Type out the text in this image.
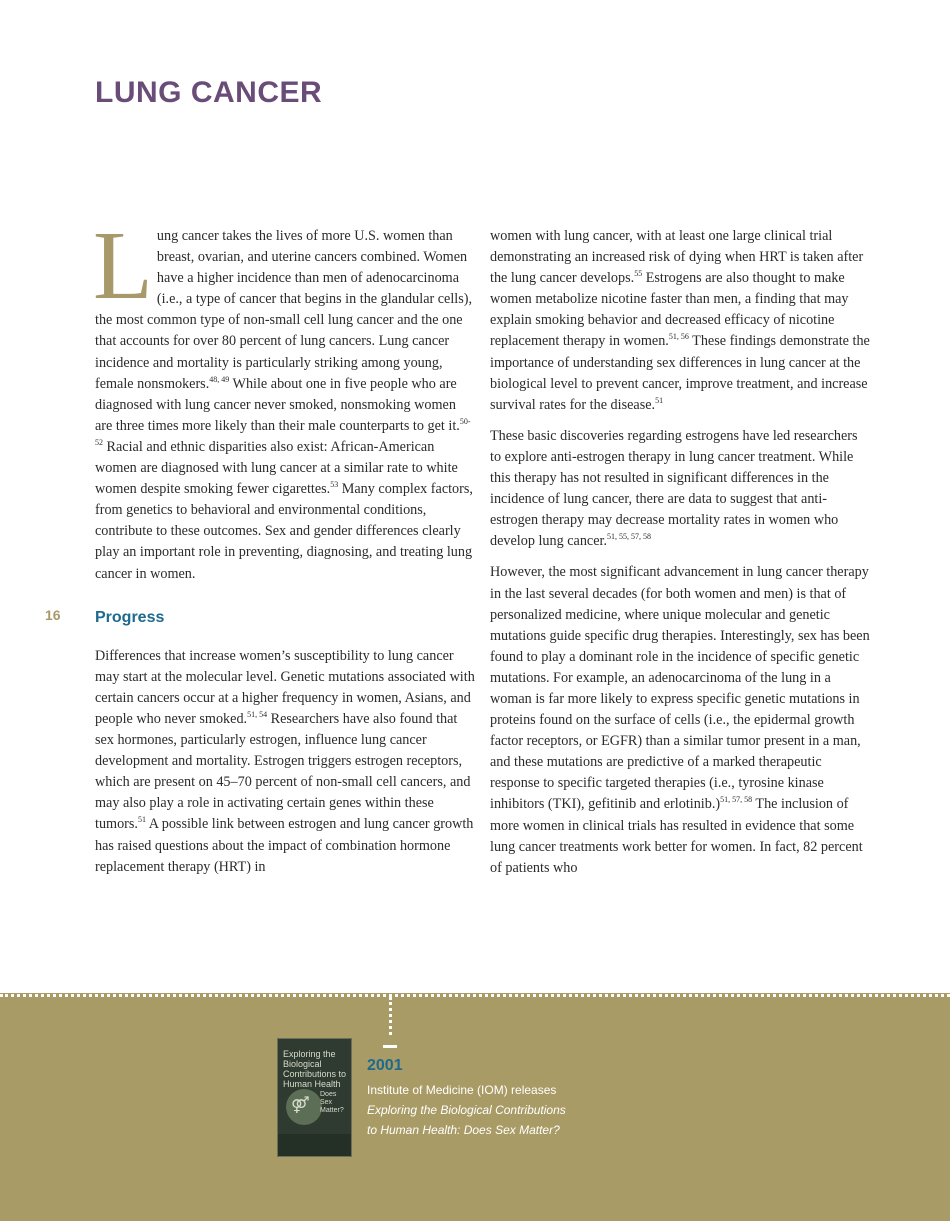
LUNG CANCER
16

Lung cancer takes the lives of more U.S. women than breast, ovarian, and uterine cancers combined. Women have a higher incidence than men of adenocarcinoma (i.e., a type of cancer that begins in the glandular cells), the most common type of non-small cell lung cancer and the one that accounts for over 80 percent of lung cancers. Lung cancer incidence and mortality is particularly striking among young, female nonsmokers.$^{48, 49}$ While about one in five people who are diagnosed with lung cancer never smoked, nonsmoking women are three times more likely than their male counterparts to get it.$^{50-52}$ Racial and ethnic disparities also exist: African-American women are diagnosed with lung cancer at a similar rate to white women despite smoking fewer cigarettes.$^{53}$ Many complex factors, from genetics to behavioral and environmental conditions, contribute to these outcomes. Sex and gender differences clearly play an important role in preventing, diagnosing, and treating lung cancer in women.

Progress

Differences that increase women’s susceptibility to lung cancer may start at the molecular level. Genetic mutations associated with certain cancers occur at a higher frequency in women, Asians, and people who never smoked.$^{51, 54}$ Researchers have also found that sex hormones, particularly estrogen, influence lung cancer development and mortality. Estrogen triggers estrogen receptors, which are present on 45–70 percent of non-small cell cancers, and may also play a role in activating certain genes within these tumors.$^{51}$ A possible link between estrogen and lung cancer growth has raised questions about the impact of combination hormone replacement therapy (HRT) in

women with lung cancer, with at least one large clinical trial demonstrating an increased risk of dying when HRT is taken after the lung cancer develops.$^{55}$ Estrogens are also thought to make women metabolize nicotine faster than men, a finding that may explain smoking behavior and decreased efficacy of nicotine replacement therapy in women.$^{51, 56}$ These findings demonstrate the importance of understanding sex differences in lung cancer at the biological level to prevent cancer, improve treatment, and increase survival rates for the disease.$^{51}$

These basic discoveries regarding estrogens have led researchers to explore anti-estrogen therapy in lung cancer treatment. While this therapy has not resulted in significant differences in the incidence of lung cancer, there are data to suggest that anti-estrogen therapy may decrease mortality rates in women who develop lung cancer.$^{51, 55, 57, 58}$

However, the most significant advancement in lung cancer therapy in the last several decades (for both women and men) is that of personalized medicine, where unique molecular and genetic mutations guide specific drug therapies. Interestingly, sex has been found to play a dominant role in the incidence of specific genetic mutations. For example, an adenocarcinoma of the lung in a woman is far more likely to express specific genetic mutations in proteins found on the surface of cells (i.e., the epidermal growth factor receptors, or EGFR) than a similar tumor present in a man, and these mutations are predictive of a marked therapeutic response to specific targeted therapies (i.e., tyrosine kinase inhibitors (TKI), gefitinib and erlotinib.)$^{51, 57, 58}$ The inclusion of more women in clinical trials has resulted in evidence that some lung cancer treatments work better for women. In fact, 82 percent of patients who

Exploring the Biological Contributions to Human Health
⚤
Does Sex Matter?
2001
Institute of Medicine (IOM) releases
Exploring the Biological Contributions
to Human Health: Does Sex Matter?
